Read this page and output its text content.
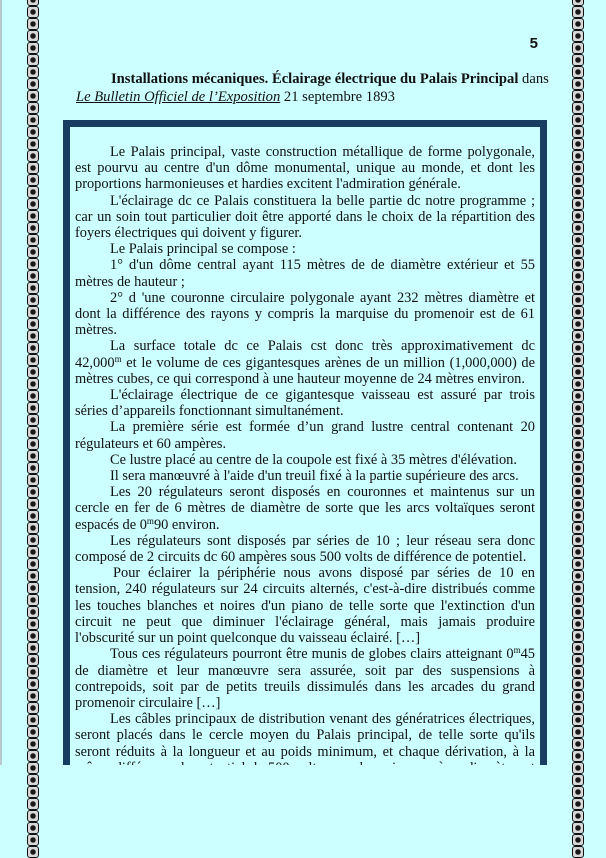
5
Installations mécaniques. Éclairage électrique du Palais Principal dans
Le Bulletin Officiel de l’Exposition 21 septembre 1893

Le Palais principal, vaste construction métallique de forme polygonale, est pourvu au centre d'un dôme monumental, unique au monde, et dont les proportions harmonieuses et hardies excitent l'admiration générale.

L'éclairage dc ce Palais constituera la belle partie dc notre programme ; car un soin tout particulier doit être apporté dans le choix de la répartition des foyers électriques qui doivent y figurer.

Le Palais principal se compose :

1° d'un dôme central ayant 115 mètres de de diamètre extérieur et 55 mètres de hauteur ;

2° d 'une couronne circulaire polygonale ayant 232 mètres diamètre et dont la différence des rayons y compris la marquise du promenoir est de 61 mètres.

La surface totale dc ce Palais cst donc très approximativement dc 42,000$^m$ et le volume de ces gigantesques arènes de un million (1,000,000) de mètres cubes, ce qui correspond à une hauteur moyenne de 24 mètres environ.

L'éclairage électrique de ce gigantesque vaisseau est assuré par trois séries d’appareils fonctionnant simultanément.

La première série est formée d’un grand lustre central contenant 20 régulateurs et 60 ampères.

Ce lustre placé au centre de la coupole est fixé à 35 mètres d'élévation.

Il sera manœuvré à l'aide d'un treuil fixé à la partie supérieure des arcs.

Les 20 régulateurs seront disposés en couronnes et maintenus sur un cercle en fer de 6 mètres de diamètre de sorte que les arcs voltaïques seront espacés de 0$^m$90 environ.

Les régulateurs sont disposés par séries de 10 ; leur réseau sera donc composé de 2 circuits dc 60 ampères sous 500 volts de différence de potentiel.

Pour éclairer la périphérie nous avons disposé par séries de 10 en tension, 240 régulateurs sur 24 circuits alternés, c'est-à-dire distribués comme les touches blanches et noires d'un piano de telle sorte que l'extinction d'un circuit ne peut que diminuer l'éclairage général, mais jamais produire l'obscurité sur un point quelconque du vaisseau éclairé. […]

Tous ces régulateurs pourront être munis de globes clairs atteignant 0$^m$45 de diamètre et leur manœuvre sera assurée, soit par des suspensions à contrepoids, soit par de petits treuils dissimulés dans les arcades du grand promenoir circulaire […]

Les câbles principaux de distribution venant des génératrices électriques, seront placés dans le cercle moyen du Palais principal, de telle sorte qu'ils seront réduits à la longueur et au poids minimum, et chaque dérivation, à la
